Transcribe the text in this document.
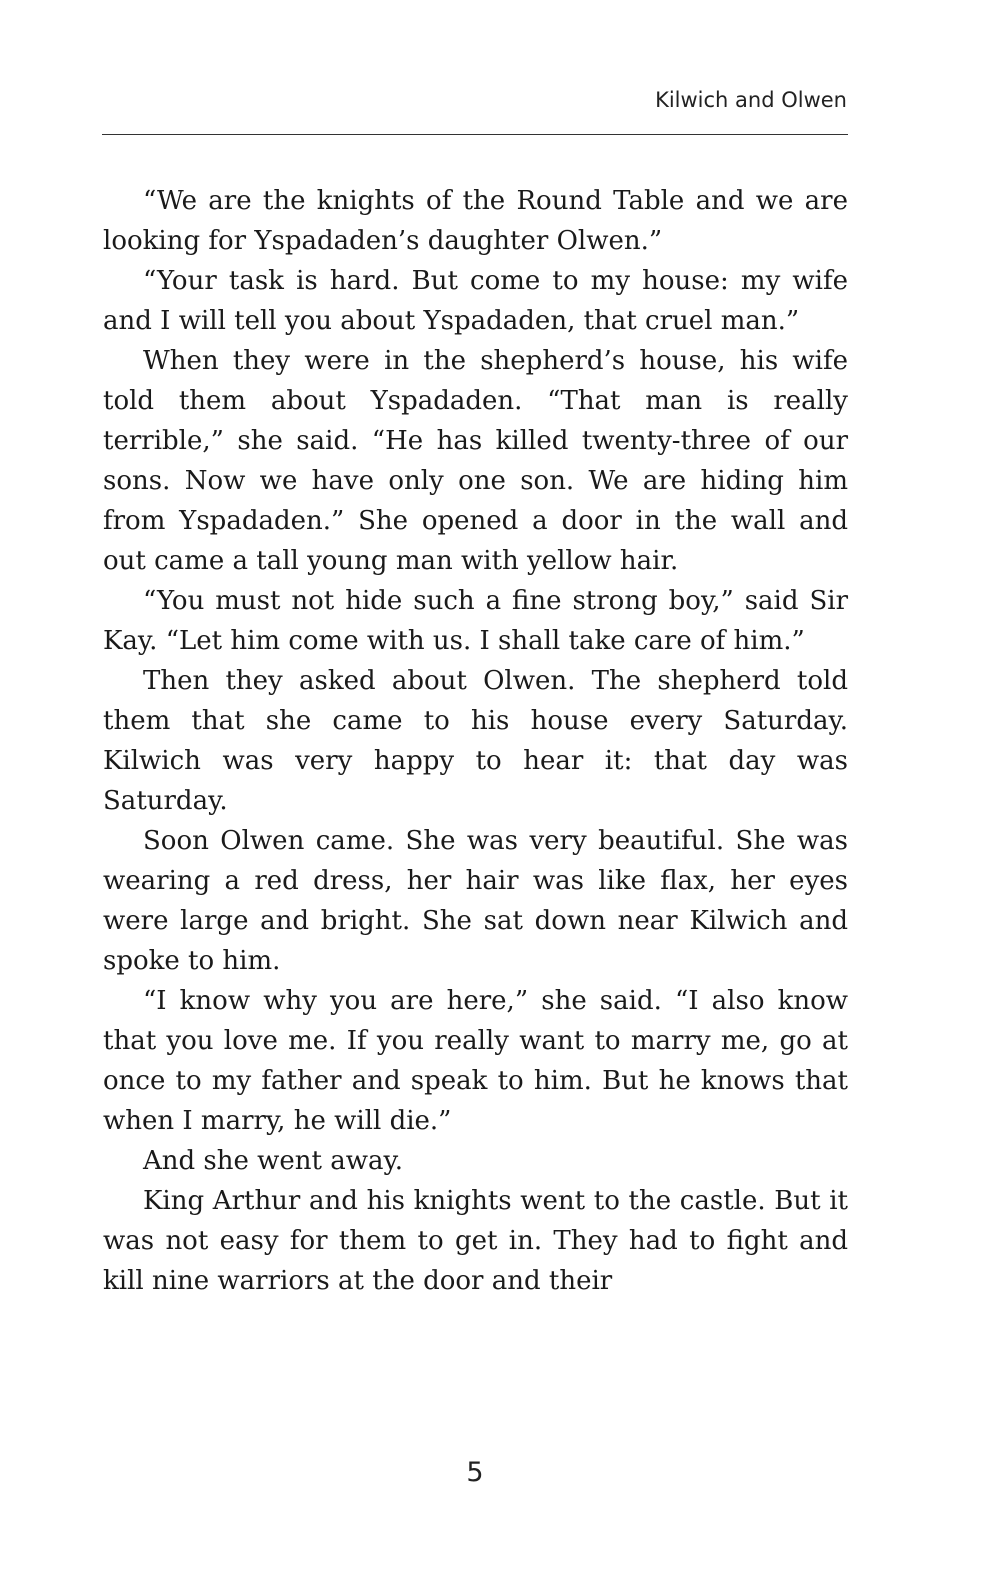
Kilwich and Olwen

“We are the knights of the Round Table and we are looking for Yspadaden’s daughter Olwen.”

“Your task is hard. But come to my house: my wife and I will tell you about Yspadaden, that cruel man.”

When they were in the shepherd’s house, his wife told them about Yspadaden. “That man is really terrible,” she said. “He has killed twenty-three of our sons. Now we have only one son. We are hiding him from Yspadaden.” She opened a door in the wall and out came a tall young man with yellow hair.

“You must not hide such a fine strong boy,” said Sir Kay. “Let him come with us. I shall take care of him.”

Then they asked about Olwen. The shepherd told them that she came to his house every Saturday. Kilwich was very happy to hear it: that day was Saturday.

Soon Olwen came. She was very beautiful. She was wearing a red dress, her hair was like flax, her eyes were large and bright. She sat down near Kilwich and spoke to him.

“I know why you are here,” she said. “I also know that you love me. If you really want to marry me, go at once to my father and speak to him. But he knows that when I marry, he will die.”

And she went away.

King Arthur and his knights went to the castle. But it was not easy for them to get in. They had to fight and kill nine warriors at the door and their

5
